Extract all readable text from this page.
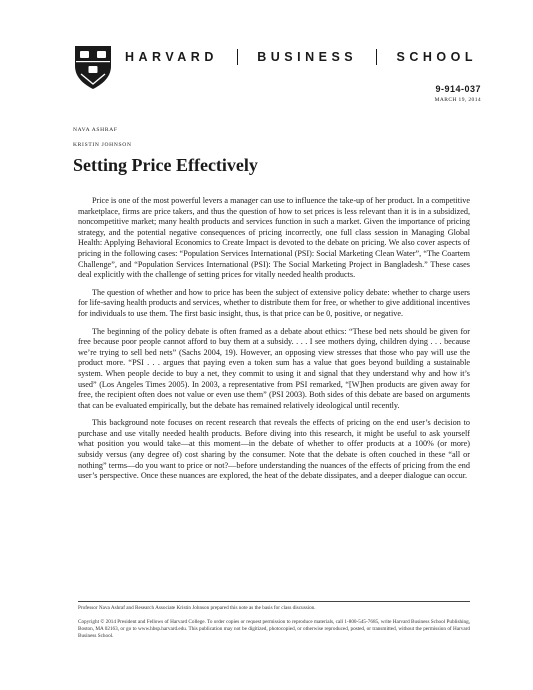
HARVARD	BUSINESS	SCHOOL
9-914-037
MARCH 19, 2014
NAVA ASHRAF
KRISTIN JOHNSON
Setting Price Effectively

Price is one of the most powerful levers a manager can use to influence the take-up of her product. In a competitive marketplace, firms are price takers, and thus the question of how to set prices is less relevant than it is in a subsidized, noncompetitive market; many health products and services function in such a market. Given the importance of pricing strategy, and the potential negative consequences of pricing incorrectly, one full class session in Managing Global Health: Applying Behavioral Economics to Create Impact is devoted to the debate on pricing. We also cover aspects of pricing in the following cases: “Population Services International (PSI): Social Marketing Clean Water”, “The Coartem Challenge”, and “Population Services International (PSI): The Social Marketing Project in Bangladesh.” These cases deal explicitly with the challenge of setting prices for vitally needed health products.

The question of whether and how to price has been the subject of extensive policy debate: whether to charge users for life-saving health products and services, whether to distribute them for free, or whether to give additional incentives for individuals to use them. The first basic insight, thus, is that price can be 0, positive, or negative.

The beginning of the policy debate is often framed as a debate about ethics: “These bed nets should be given for free because poor people cannot afford to buy them at a subsidy. . . . I see mothers dying, children dying . . . because we’re trying to sell bed nets” (Sachs 2004, 19). However, an opposing view stresses that those who pay will use the product more. “PSI . . . argues that paying even a token sum has a value that goes beyond building a sustainable system. When people decide to buy a net, they commit to using it and signal that they understand why and how it’s used” (Los Angeles Times 2005). In 2003, a representative from PSI remarked, “[W]hen products are given away for free, the recipient often does not value or even use them” (PSI 2003). Both sides of this debate are based on arguments that can be evaluated empirically, but the debate has remained relatively ideological until recently.

This background note focuses on recent research that reveals the effects of pricing on the end user’s decision to purchase and use vitally needed health products. Before diving into this research, it might be useful to ask yourself what position you would take—at this moment—in the debate of whether to offer products at a 100% (or more) subsidy versus (any degree of) cost sharing by the consumer. Note that the debate is often couched in these “all or nothing” terms—do you want to price or not?—before understanding the nuances of the effects of pricing from the end user’s perspective. Once these nuances are explored, the heat of the debate dissipates, and a deeper dialogue can occur.

Professor Nava Ashraf and Research Associate Kristin Johnson prepared this note as the basis for class discussion.
Copyright © 2014 President and Fellows of Harvard College. To order copies or request permission to reproduce materials, call 1-800-545-7685, write Harvard Business School Publishing, Boston, MA 02163, or go to www.hbsp.harvard.edu. This publication may not be digitized, photocopied, or otherwise reproduced, posted, or transmitted, without the permission of Harvard Business School.
